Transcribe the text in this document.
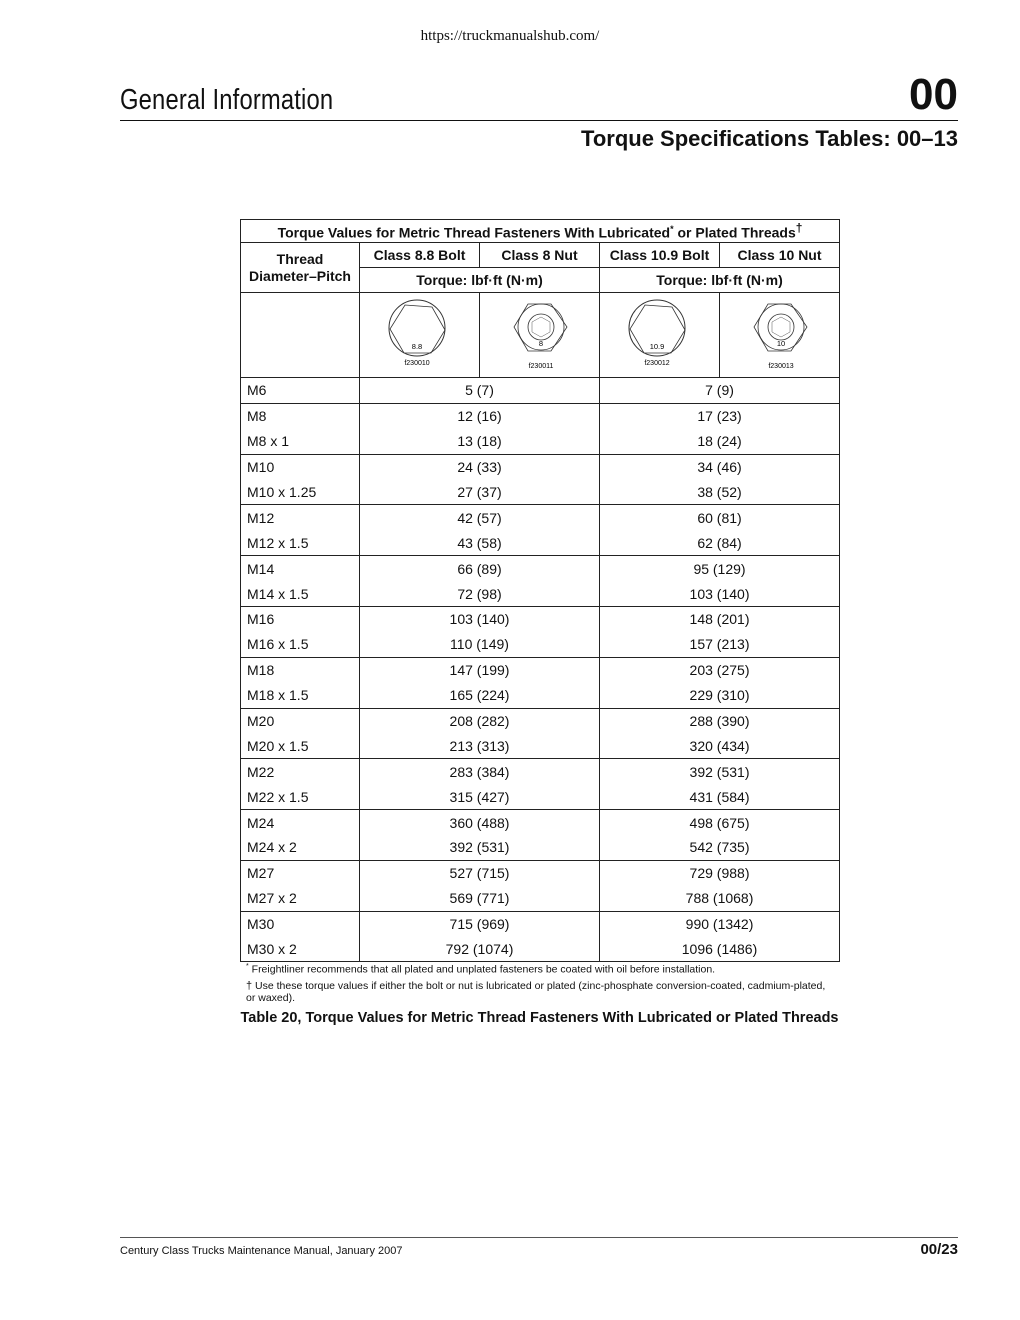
https://truckmanualshub.com/
General Information	00
Torque Specifications Tables: 00–13
Torque Values for Metric Thread Fasteners With Lubricated* or Plated Threads†
Thread
Diameter–Pitch	Class 8.8 Bolt	Class 8 Nut	Class 10.9 Bolt	Class 10 Nut
	Torque: lbf·ft (N·m)		Torque: lbf·ft (N·m)	

8.8
f230010	8
f230011	10.9
f230012	10
f230013

M6	5 (7)		7 (9)	
M8	12 (16)		17 (23)	
M8 x 1	13 (18)		18 (24)	
M10	24 (33)		34 (46)	
M10 x 1.25	27 (37)		38 (52)	
M12	42 (57)		60 (81)	
M12 x 1.5	43 (58)		62 (84)	
M14	66 (89)		95 (129)	
M14 x 1.5	72 (98)		103 (140)	
M16	103 (140)		148 (201)	
M16 x 1.5	110 (149)		157 (213)	
M18	147 (199)		203 (275)	
M18 x 1.5	165 (224)		229 (310)	
M20	208 (282)		288 (390)	
M20 x 1.5	213 (313)		320 (434)	
M22	283 (384)		392 (531)	
M22 x 1.5	315 (427)		431 (584)	
M24	360 (488)		498 (675)	
M24 x 2	392 (531)		542 (735)	
M27	527 (715)		729 (988)	
M27 x 2	569 (771)		788 (1068)	
M30	715 (969)		990 (1342)	
M30 x 2	792 (1074)		1096 (1486)	
* Freightliner recommends that all plated and unplated fasteners be coated with oil before installation.
† Use these torque values if either the bolt or nut is lubricated or plated (zinc-phosphate conversion-coated, cadmium-plated, or waxed).
Table 20, Torque Values for Metric Thread Fasteners With Lubricated or Plated Threads
Century Class Trucks Maintenance Manual, January 2007	00/23
